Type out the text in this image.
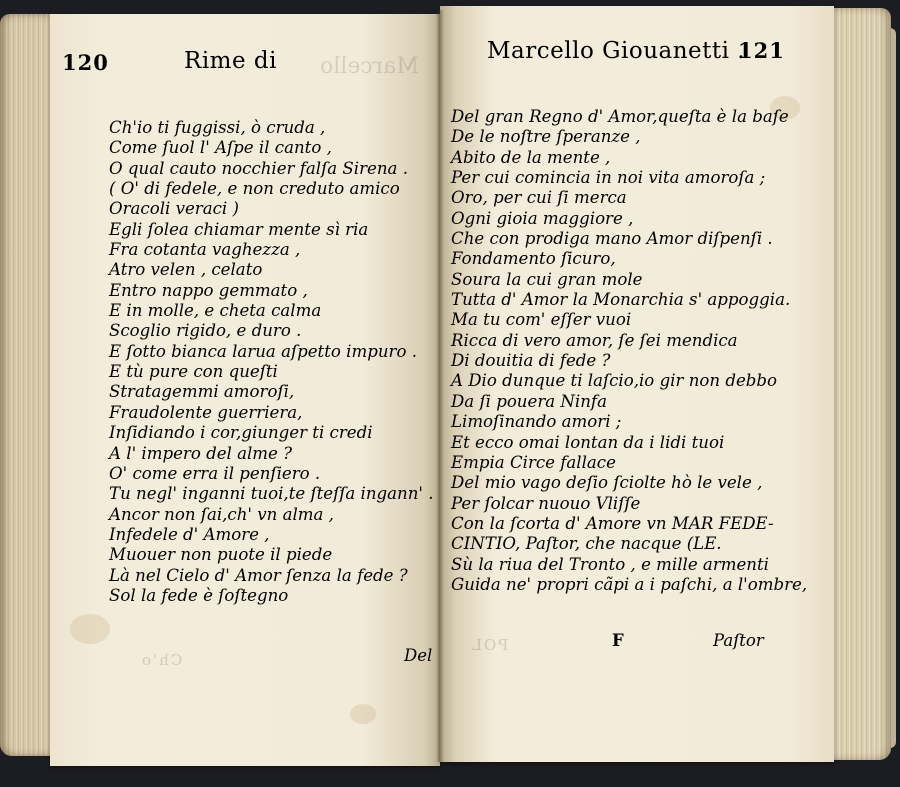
120	Rime di Marcello
Marcello Giouanetti .
121
Ch'io ti fuggissi, ò cruda ,
Come ſuol l' Aſpe il canto ,
O qual cauto nocchier falſa Sirena .
( O' di fedele, e non creduto amico
Oracoli veraci )
Egli ſolea chiamar mente sì ria
Fra cotanta vaghezza ,
Atro velen , celato
Entro nappo gemmato ,
E in molle, e cheta calma
Scoglio rigido, e duro .
E ſotto bianca larua aſpetto impuro .
E tù pure con queſti
Stratagemmi amoroſi,
Fraudolente guerriera,
Inſidiando i cor,giunger ti credi
A l' impero del alme ?
O' come erra il penſiero .
Tu negl' inganni tuoi,te ſteſſa ingann' .
Ancor non ſai,ch' vn alma ,
Infedele d' Amore ,
Muouer non puote il piede
Là nel Cielo d' Amor ſenza la fede ?
Sol la fede è ſoſtegno
Del gran Regno d' Amor,queſta è la baſe
De le noſtre ſperanze ,
Abito de la mente ,
Per cui comincia in noi vita amoroſa ;
Oro, per cui ſi merca
Ogni gioia maggiore ,
Che con prodiga mano Amor diſpenſi .
Fondamento ſicuro,
Soura la cui gran mole
Tutta d' Amor la Monarchia s' appoggia.
Ma tu com' eſſer vuoi
Ricca di vero amor, ſe ſei mendica
Di douitia di fede ?
A Dio dunque ti laſcio,io gir non debbo
Da ſi pouera Ninfa
Limoſinando amori ;
Et ecco omai lontan da i lidi tuoi
Empia Circe fallace
Del mio vago deſio ſciolte hò le vele ,
Per ſolcar nuouo Vliſſe
Con la ſcorta d' Amore vn MAR FEDE-
CINTIO, Paſtor, che nacque (LE.
Sù la riua del Tronto , e mille armenti
Guida ne' propri cãpi a i paſchi, a l'ombre,
Ch'o	Del
POL	F	Paſtor
